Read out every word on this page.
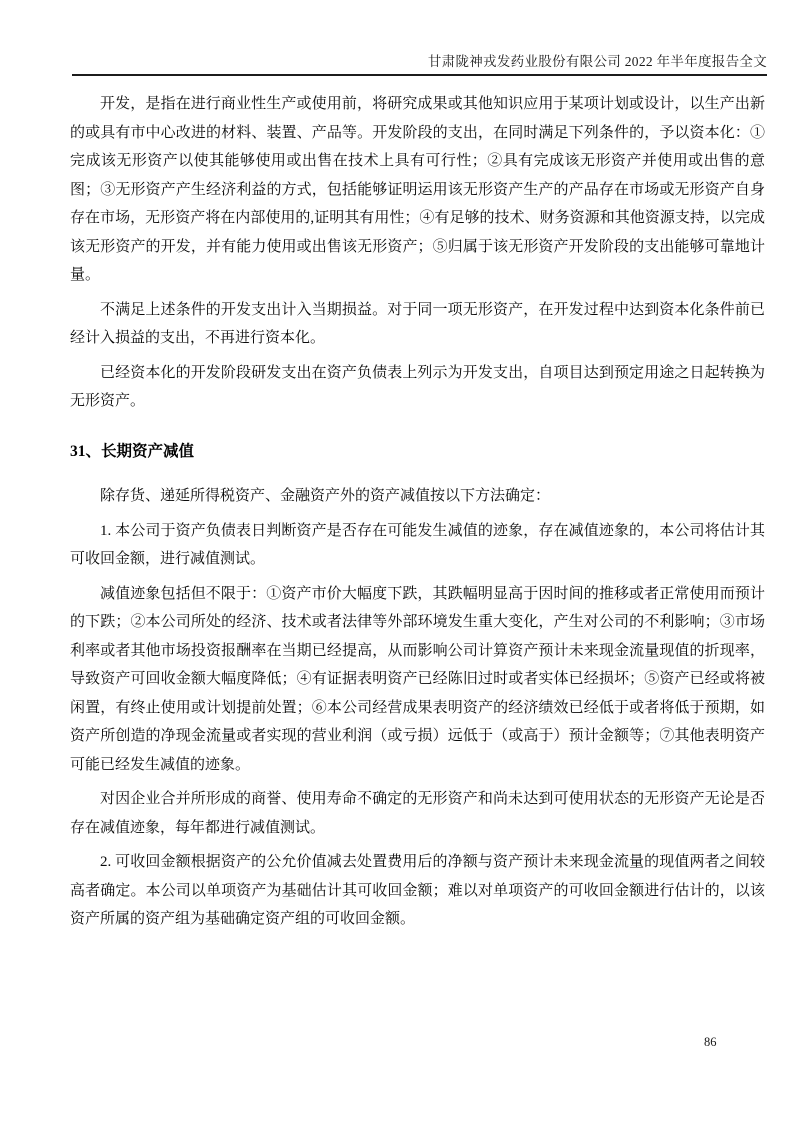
甘肃陇神戎发药业股份有限公司 2022 年半年度报告全文

开发，是指在进行商业性生产或使用前，将研究成果或其他知识应用于某项计划或设计，以生产出新的或具有市中心改进的材料、装置、产品等。开发阶段的支出，在同时满足下列条件的，予以资本化：①完成该无形资产以使其能够使用或出售在技术上具有可行性；②具有完成该无形资产并使用或出售的意图；③无形资产产生经济利益的方式，包括能够证明运用该无形资产生产的产品存在市场或无形资产自身存在市场，无形资产将在内部使用的,证明其有用性；④有足够的技术、财务资源和其他资源支持，以完成该无形资产的开发，并有能力使用或出售该无形资产；⑤归属于该无形资产开发阶段的支出能够可靠地计量。

不满足上述条件的开发支出计入当期损益。对于同一项无形资产，在开发过程中达到资本化条件前已经计入损益的支出，不再进行资本化。

已经资本化的开发阶段研发支出在资产负债表上列示为开发支出，自项目达到预定用途之日起转换为无形资产。

31、长期资产减值

除存货、递延所得税资产、金融资产外的资产减值按以下方法确定：

1. 本公司于资产负债表日判断资产是否存在可能发生减值的迹象，存在减值迹象的，本公司将估计其可收回金额，进行减值测试。

减值迹象包括但不限于：①资产市价大幅度下跌，其跌幅明显高于因时间的推移或者正常使用而预计的下跌；②本公司所处的经济、技术或者法律等外部环境发生重大变化，产生对公司的不利影响；③市场利率或者其他市场投资报酬率在当期已经提高，从而影响公司计算资产预计未来现金流量现值的折现率，导致资产可回收金额大幅度降低；④有证据表明资产已经陈旧过时或者实体已经损坏；⑤资产已经或将被闲置，有终止使用或计划提前处置；⑥本公司经营成果表明资产的经济绩效已经低于或者将低于预期，如资产所创造的净现金流量或者实现的营业利润（或亏损）远低于（或高于）预计金额等；⑦其他表明资产可能已经发生减值的迹象。

对因企业合并所形成的商誉、使用寿命不确定的无形资产和尚未达到可使用状态的无形资产无论是否存在减值迹象，每年都进行减值测试。

2. 可收回金额根据资产的公允价值减去处置费用后的净额与资产预计未来现金流量的现值两者之间较高者确定。本公司以单项资产为基础估计其可收回金额；难以对单项资产的可收回金额进行估计的，以该资产所属的资产组为基础确定资产组的可收回金额。

86
